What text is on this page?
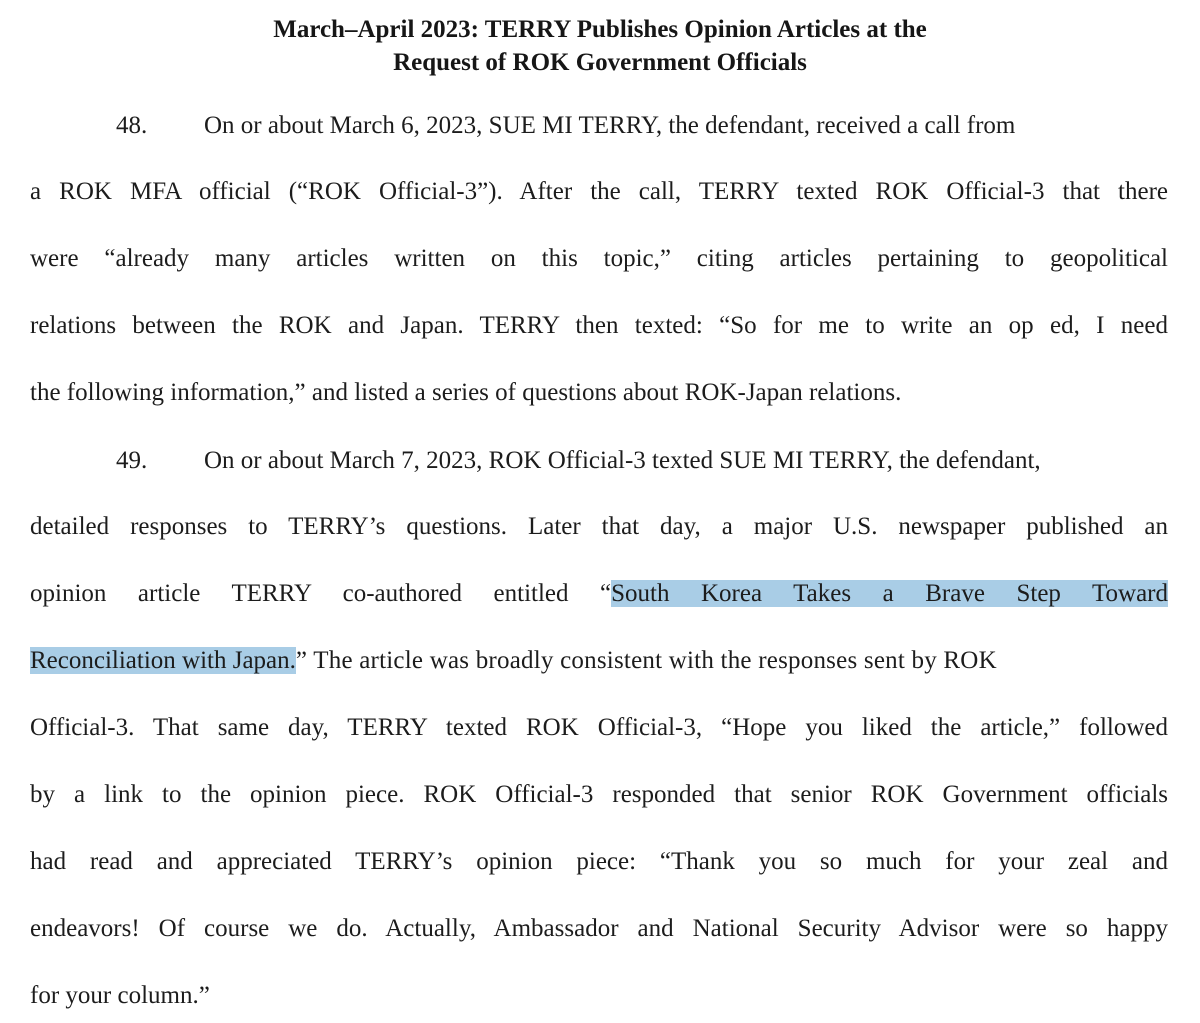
March–April 2023: TERRY Publishes Opinion Articles at the
Request of ROK Government Officials

48. On or about March 6, 2023, SUE MI TERRY, the defendant, received a call from

a ROK MFA official (“ROK Official-3”). After the call, TERRY texted ROK Official-3 that there

were “already many articles written on this topic,” citing articles pertaining to geopolitical

relations between the ROK and Japan. TERRY then texted: “So for me to write an op ed, I need

the following information,” and listed a series of questions about ROK-Japan relations.

49. On or about March 7, 2023, ROK Official-3 texted SUE MI TERRY, the defendant,

detailed responses to TERRY’s questions. Later that day, a major U.S. newspaper published an

opinion article TERRY co-authored entitled “South Korea Takes a Brave Step Toward

Reconciliation with Japan.” The article was broadly consistent with the responses sent by ROK

Official-3. That same day, TERRY texted ROK Official-3, “Hope you liked the article,” followed

by a link to the opinion piece. ROK Official-3 responded that senior ROK Government officials

had read and appreciated TERRY’s opinion piece: “Thank you so much for your zeal and

endeavors! Of course we do. Actually, Ambassador and National Security Advisor were so happy

for your column.”
